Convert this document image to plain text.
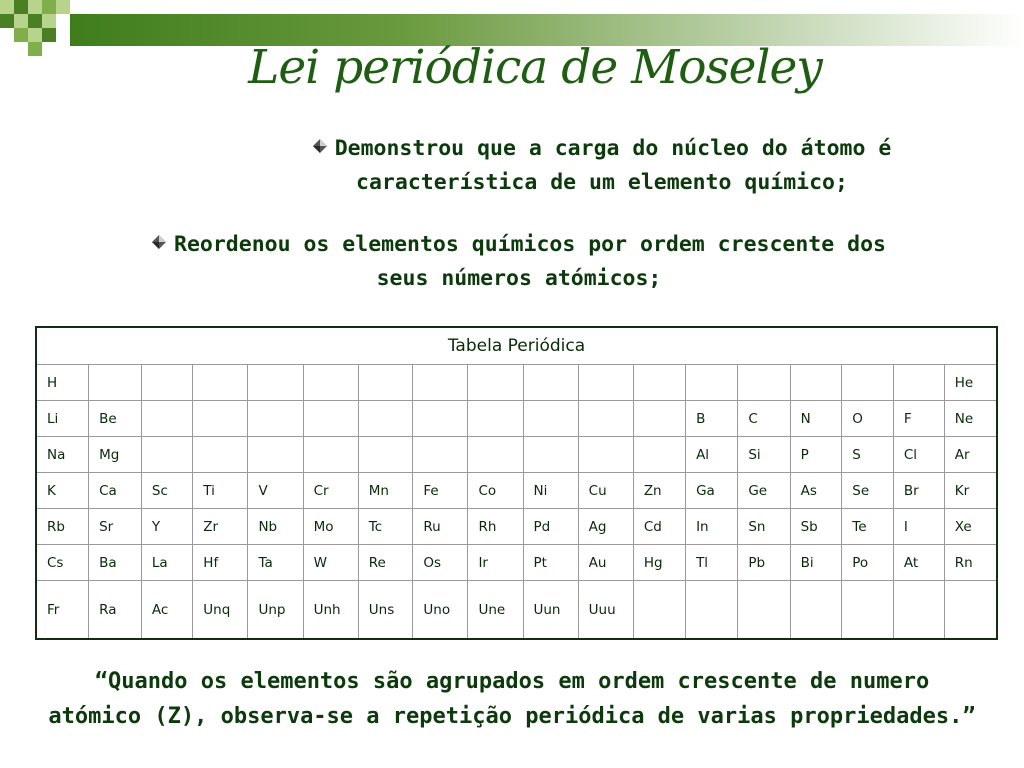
Lei periódica de Moseley
Demonstrou que a carga do núcleo do átomo é
característica de um elemento químico;
Reordenou os elementos químicos por ordem crescente dos
seus números atómicos;
Tabela Periódica																	
H																	He
Li	Be											B	C	N	O	F	Ne
Na	Mg											Al	Si	P	S	Cl	Ar
K	Ca	Sc	Ti	V	Cr	Mn	Fe	Co	Ni	Cu	Zn	Ga	Ge	As	Se	Br	Kr
Rb	Sr	Y	Zr	Nb	Mo	Tc	Ru	Rh	Pd	Ag	Cd	In	Sn	Sb	Te	I	Xe
Cs	Ba	La	Hf	Ta	W	Re	Os	Ir	Pt	Au	Hg	Tl	Pb	Bi	Po	At	Rn
Fr	Ra	Ac	Unq	Unp	Unh	Uns	Uno	Une	Uun	Uuu							
“Quando os elementos são agrupados em ordem crescente de numero
atómico (Z), observa-se a repetição periódica de varias propriedades.”
